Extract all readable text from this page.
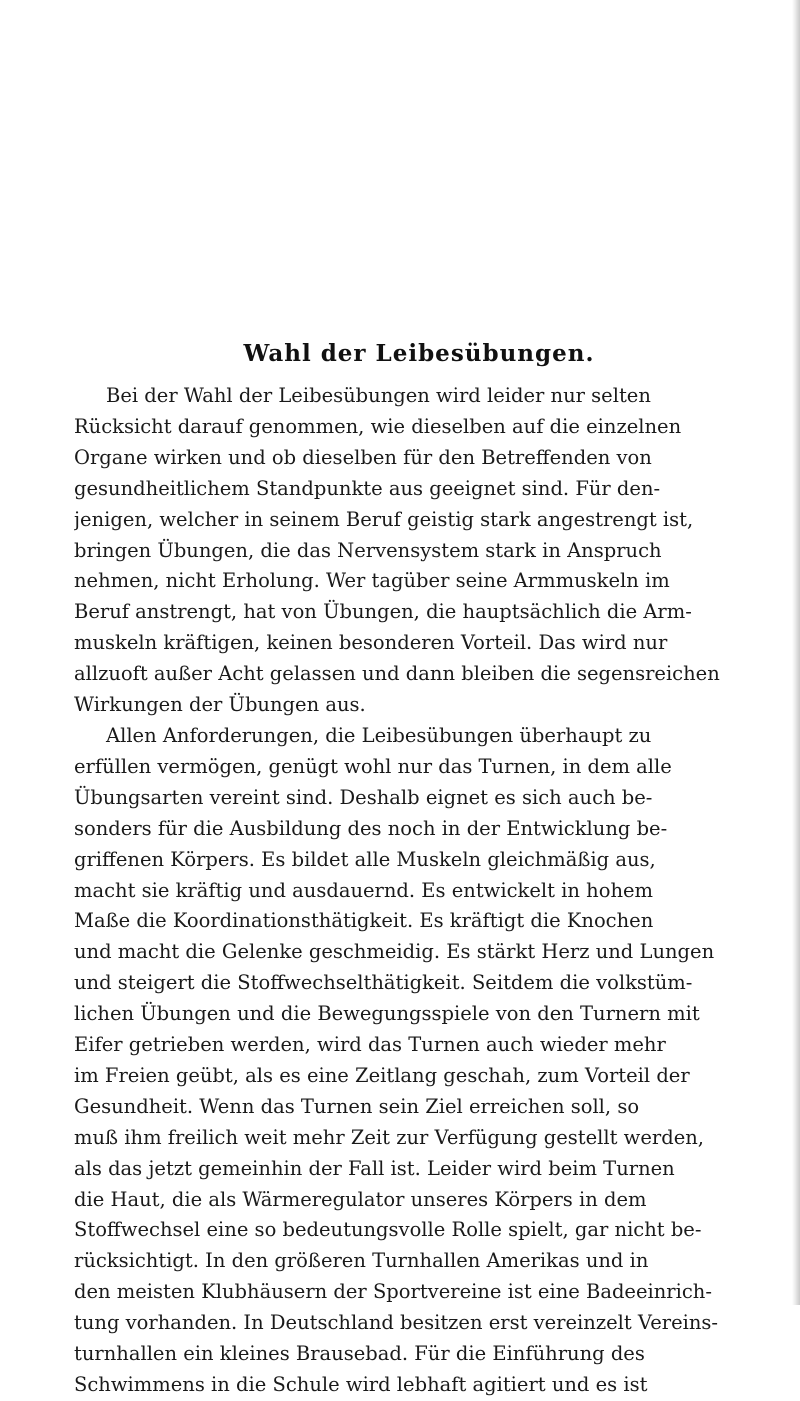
Wahl der Leibesübungen.

Bei der Wahl der Leibesübungen wird leider nur selten
Rücksicht darauf genommen, wie dieselben auf die einzelnen
Organe wirken und ob dieselben für den Betreffenden von
gesundheitlichem Standpunkte aus geeignet sind. Für den-
jenigen, welcher in seinem Beruf geistig stark angestrengt ist,
bringen Übungen, die das Nervensystem stark in Anspruch
nehmen, nicht Erholung. Wer tagüber seine Armmuskeln im
Beruf anstrengt, hat von Übungen, die hauptsächlich die Arm-
muskeln kräftigen, keinen besonderen Vorteil. Das wird nur
allzuoft außer Acht gelassen und dann bleiben die segensreichen
Wirkungen der Übungen aus.

Allen Anforderungen, die Leibesübungen überhaupt zu
erfüllen vermögen, genügt wohl nur das Turnen, in dem alle
Übungsarten vereint sind. Deshalb eignet es sich auch be-
sonders für die Ausbildung des noch in der Entwicklung be-
griffenen Körpers. Es bildet alle Muskeln gleichmäßig aus,
macht sie kräftig und ausdauernd. Es entwickelt in hohem
Maße die Koordinationsthätigkeit. Es kräftigt die Knochen
und macht die Gelenke geschmeidig. Es stärkt Herz und Lungen
und steigert die Stoffwechselthätigkeit. Seitdem die volkstüm-
lichen Übungen und die Bewegungsspiele von den Turnern mit
Eifer getrieben werden, wird das Turnen auch wieder mehr
im Freien geübt, als es eine Zeitlang geschah, zum Vorteil der
Gesundheit. Wenn das Turnen sein Ziel erreichen soll, so
muß ihm freilich weit mehr Zeit zur Verfügung gestellt werden,
als das jetzt gemeinhin der Fall ist. Leider wird beim Turnen
die Haut, die als Wärmeregulator unseres Körpers in dem
Stoffwechsel eine so bedeutungsvolle Rolle spielt, gar nicht be-
rücksichtigt. In den größeren Turnhallen Amerikas und in
den meisten Klubhäusern der Sportvereine ist eine Badeeinrich-
tung vorhanden. In Deutschland besitzen erst vereinzelt Vereins-
turnhallen ein kleines Brausebad. Für die Einführung des
Schwimmens in die Schule wird lebhaft agitiert und es ist
